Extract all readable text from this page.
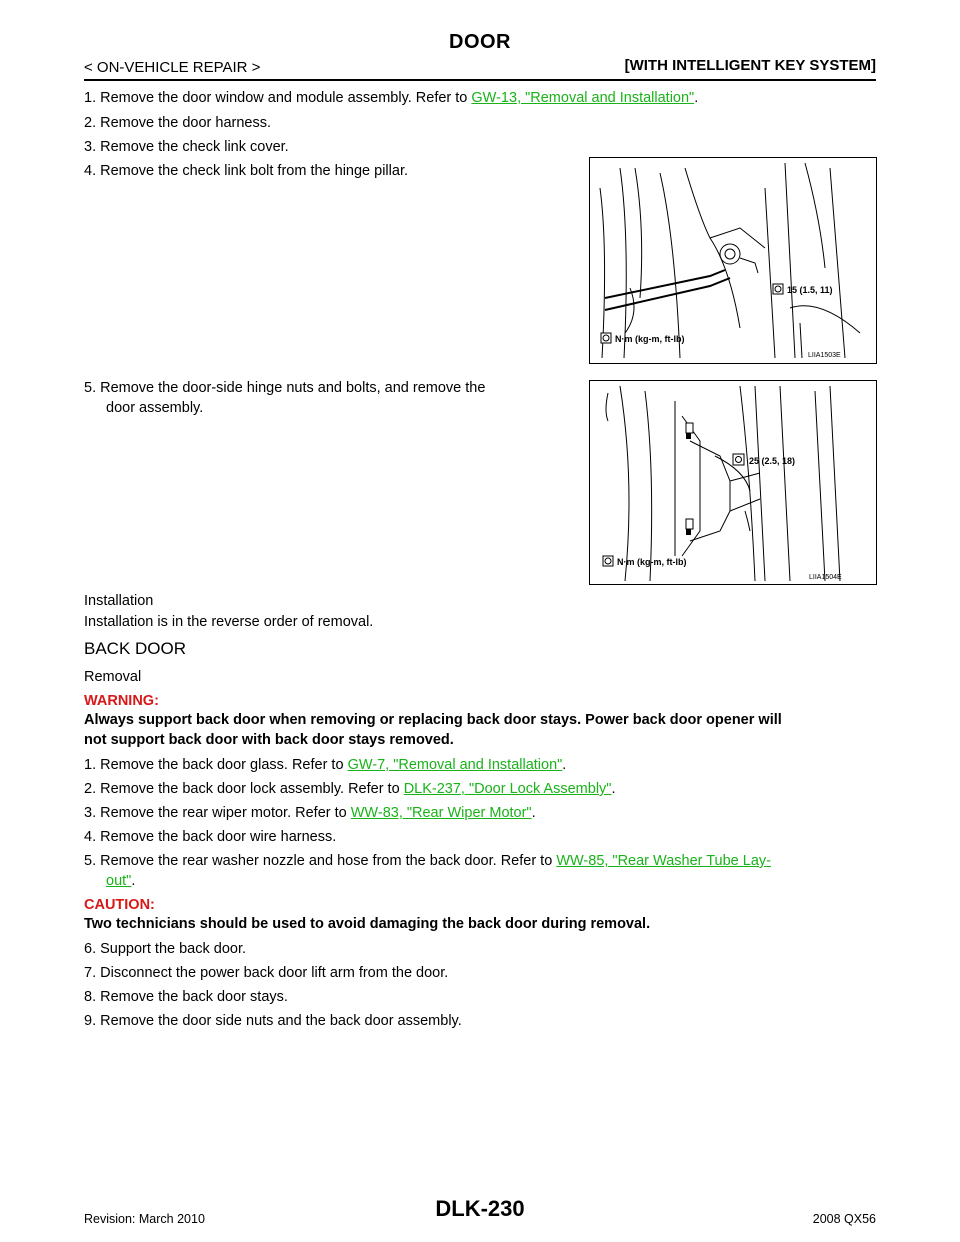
DOOR
< ON-VEHICLE REPAIR >	[WITH INTELLIGENT KEY SYSTEM]
1. Remove the door window and module assembly. Refer to GW-13, "Removal and Installation".
2. Remove the door harness.
3. Remove the check link cover.
4. Remove the check link bolt from the hinge pillar.
15 (1.5, 11)
N·m (kg-m, ft-lb)
LIIA1503E
5. Remove the door-side hinge nuts and bolts, and remove the
door assembly.
25 (2.5, 18)
N·m (kg-m, ft-lb)
LIIA1504E
Installation
Installation is in the reverse order of removal.
BACK DOOR
Removal
WARNING:
Always support back door when removing or replacing back door stays. Power back door opener will
not support back door with back door stays removed.
1. Remove the back door glass. Refer to GW-7, "Removal and Installation".
2. Remove the back door lock assembly. Refer to DLK-237, "Door Lock Assembly".
3. Remove the rear wiper motor. Refer to WW-83, "Rear Wiper Motor".
4. Remove the back door wire harness.
5. Remove the rear washer nozzle and hose from the back door. Refer to WW-85, "Rear Washer Tube Lay-
out".
CAUTION:
Two technicians should be used to avoid damaging the back door during removal.
6. Support the back door.
7. Disconnect the power back door lift arm from the door.
8. Remove the back door stays.
9. Remove the door side nuts and the back door assembly.
Revision: March 2010	DLK-230	2008 QX56
